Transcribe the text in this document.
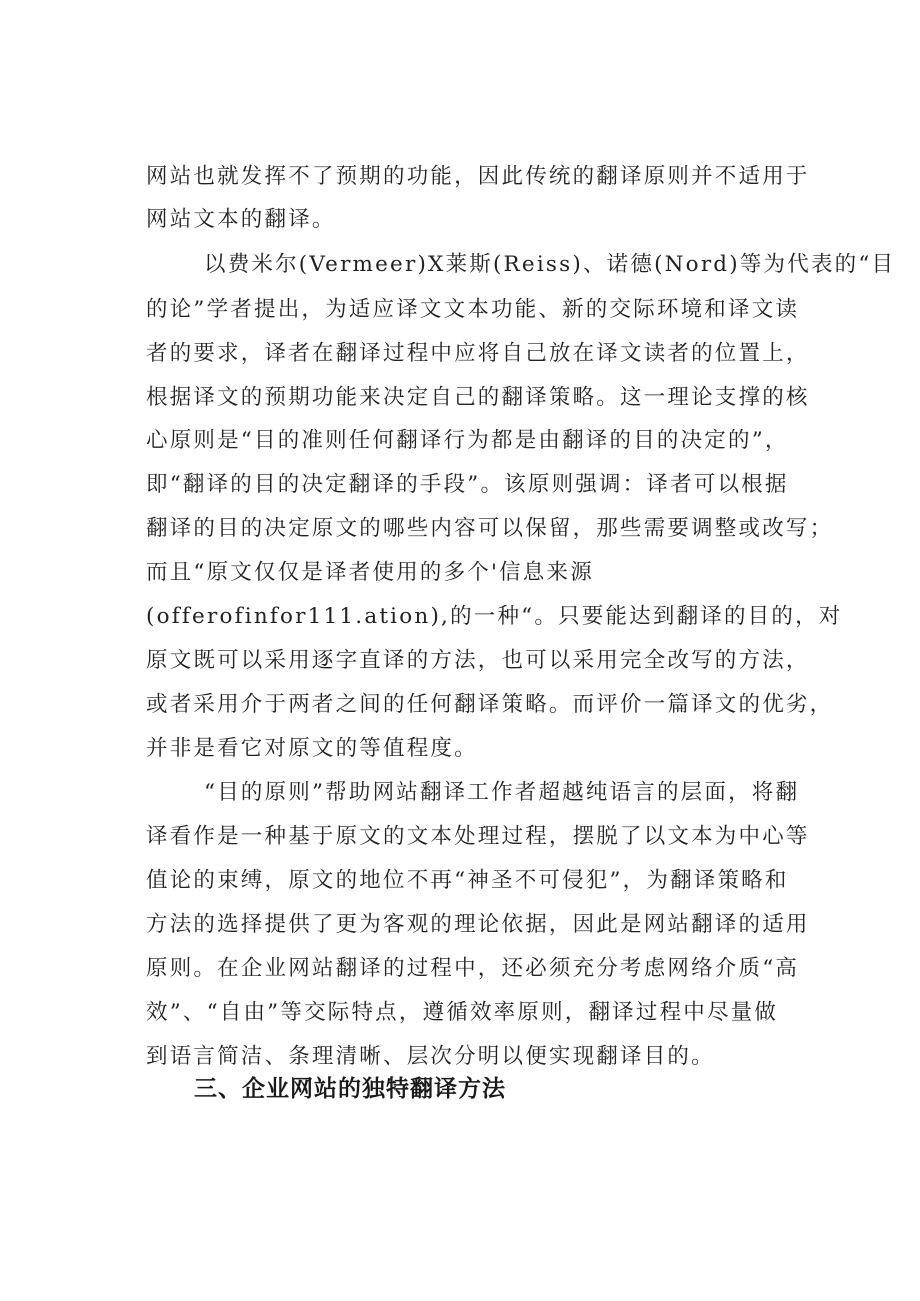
网站也就发挥不了预期的功能，因此传统的翻译原则并不适用于
网站文本的翻译。
以费米尔(Vermeer)X莱斯(Reiss)、诺德(Nord)等为代表的“目
的论”学者提出，为适应译文文本功能、新的交际环境和译文读
者的要求，译者在翻译过程中应将自己放在译文读者的位置上，
根据译文的预期功能来决定自己的翻译策略。这一理论支撑的核
心原则是“目的准则任何翻译行为都是由翻译的目的决定的”，
即“翻译的目的决定翻译的手段”。该原则强调：译者可以根据
翻译的目的决定原文的哪些内容可以保留，那些需要调整或改写；
而且“原文仅仅是译者使用的多个'信息来源
(offerofinfor111.ation),的一种“。只要能达到翻译的目的，对
原文既可以采用逐字直译的方法，也可以采用完全改写的方法，
或者采用介于两者之间的任何翻译策略。而评价一篇译文的优劣，
并非是看它对原文的等值程度。
“目的原则”帮助网站翻译工作者超越纯语言的层面，将翻
译看作是一种基于原文的文本处理过程，摆脱了以文本为中心等
值论的束缚，原文的地位不再“神圣不可侵犯”，为翻译策略和
方法的选择提供了更为客观的理论依据，因此是网站翻译的适用
原则。在企业网站翻译的过程中，还必须充分考虑网络介质“高
效”、“自由”等交际特点，遵循效率原则，翻译过程中尽量做
到语言简洁、条理清晰、层次分明以便实现翻译目的。
三、企业网站的独特翻译方法
